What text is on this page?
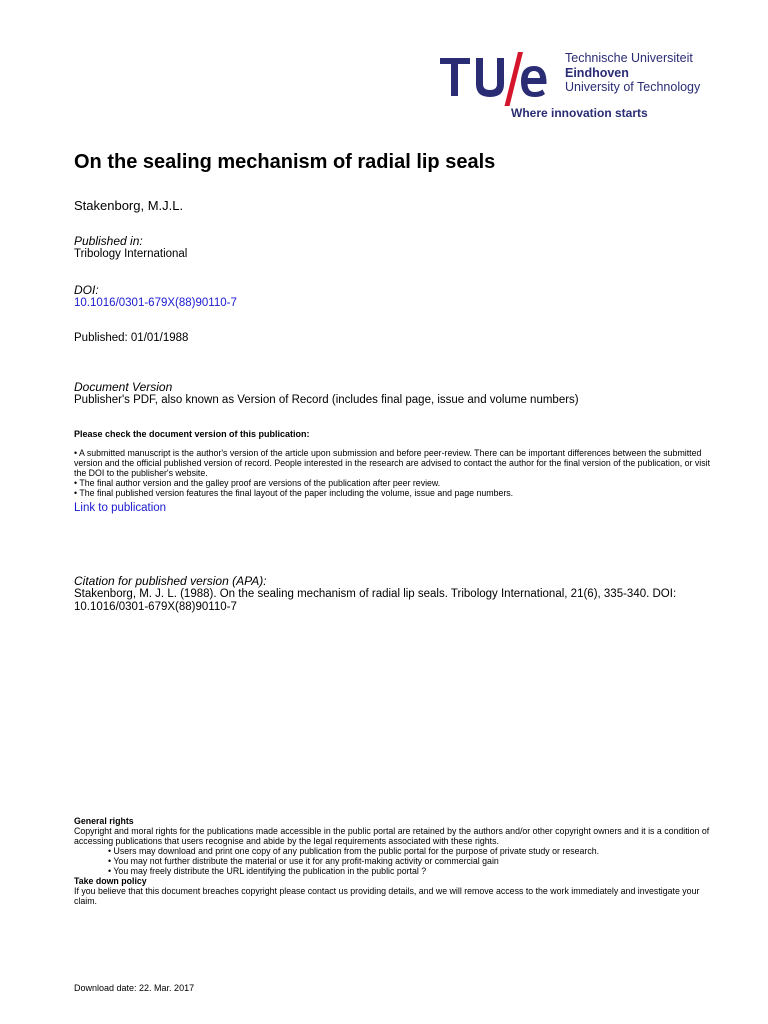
Technische Universiteit
Eindhoven
University of Technology
Where innovation starts
On the sealing mechanism of radial lip seals
Stakenborg, M.J.L.
Published in:
Tribology International
DOI:
10.1016/0301-679X(88)90110-7
Published: 01/01/1988
Document Version
Publisher's PDF, also known as Version of Record (includes final page, issue and volume numbers)
Please check the document version of this publication:
• A submitted manuscript is the author's version of the article upon submission and before peer-review. There can be important differences between the submitted version and the official published version of record. People interested in the research are advised to contact the author for the final version of the publication, or visit the DOI to the publisher's website.
• The final author version and the galley proof are versions of the publication after peer review.
• The final published version features the final layout of the paper including the volume, issue and page numbers.
Link to publication
Citation for published version (APA):
Stakenborg, M. J. L. (1988). On the sealing mechanism of radial lip seals. Tribology International, 21(6), 335-340. DOI: 10.1016/0301-679X(88)90110-7
General rights
Copyright and moral rights for the publications made accessible in the public portal are retained by the authors and/or other copyright owners and it is a condition of accessing publications that users recognise and abide by the legal requirements associated with these rights.
• Users may download and print one copy of any publication from the public portal for the purpose of private study or research.
• You may not further distribute the material or use it for any profit-making activity or commercial gain
• You may freely distribute the URL identifying the publication in the public portal ?
Take down policy
If you believe that this document breaches copyright please contact us providing details, and we will remove access to the work immediately and investigate your claim.
Download date: 22. Mar. 2017
